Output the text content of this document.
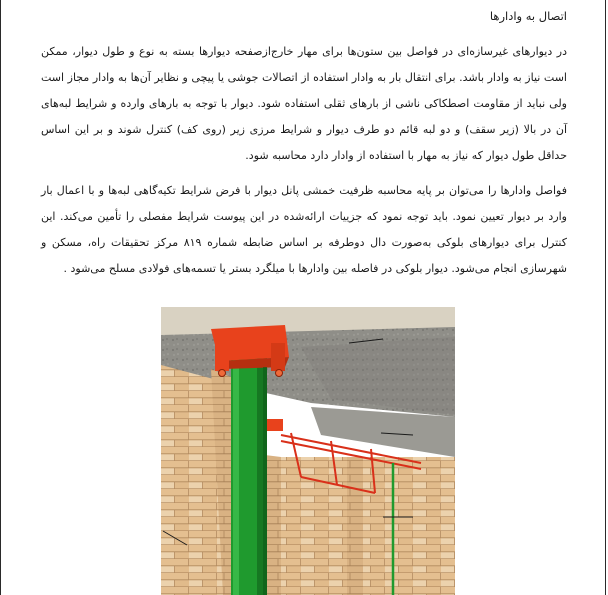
اتصال به وادارها

در دیوارهای غیرسازه‌ای در فواصل بین ستون‌ها برای مهار خارج‌ازصفحه دیوارها بسته به نوع و طول دیوار، ممکن است نیاز به وادار باشد. برای انتقال بار به وادار استفاده از اتصالات جوشی یا پیچی و نظایر آن‌ها به وادار مجاز است ولی نباید از مقاومت اصطکاکی ناشی از بارهای ثقلی استفاده شود. دیوار با توجه به بارهای وارده و شرایط لبه‌های آن در بالا (زیر سقف) و دو لبه قائم دو طرف دیوار و شرایط مرزی زیر (روی کف) کنترل شوند و بر این اساس حداقل طول دیوار که نیاز به مهار با استفاده از وادار دارد محاسبه شود.

فواصل وادارها را می‌توان بر پایه محاسبه ظرفیت خمشی پانل دیوار با فرض شرایط تکیه‌گاهی لبه‌ها و با اعمال بار وارد بر دیوار تعیین نمود. باید توجه نمود که جزییات ارائه‌شده در این پیوست شرایط مفصلی را تأمین می‌کند. این کنترل برای دیوارهای بلوکی به‌صورت دال دوطرفه بر اساس ضابطه شماره ۸۱۹ مرکز تحقیقات راه، مسکن و شهرسازی انجام می‌شود. دیوار بلوکی در فاصله بین وادارها با میلگرد بستر یا تسمه‌های فولادی مسلح می‌شود .
